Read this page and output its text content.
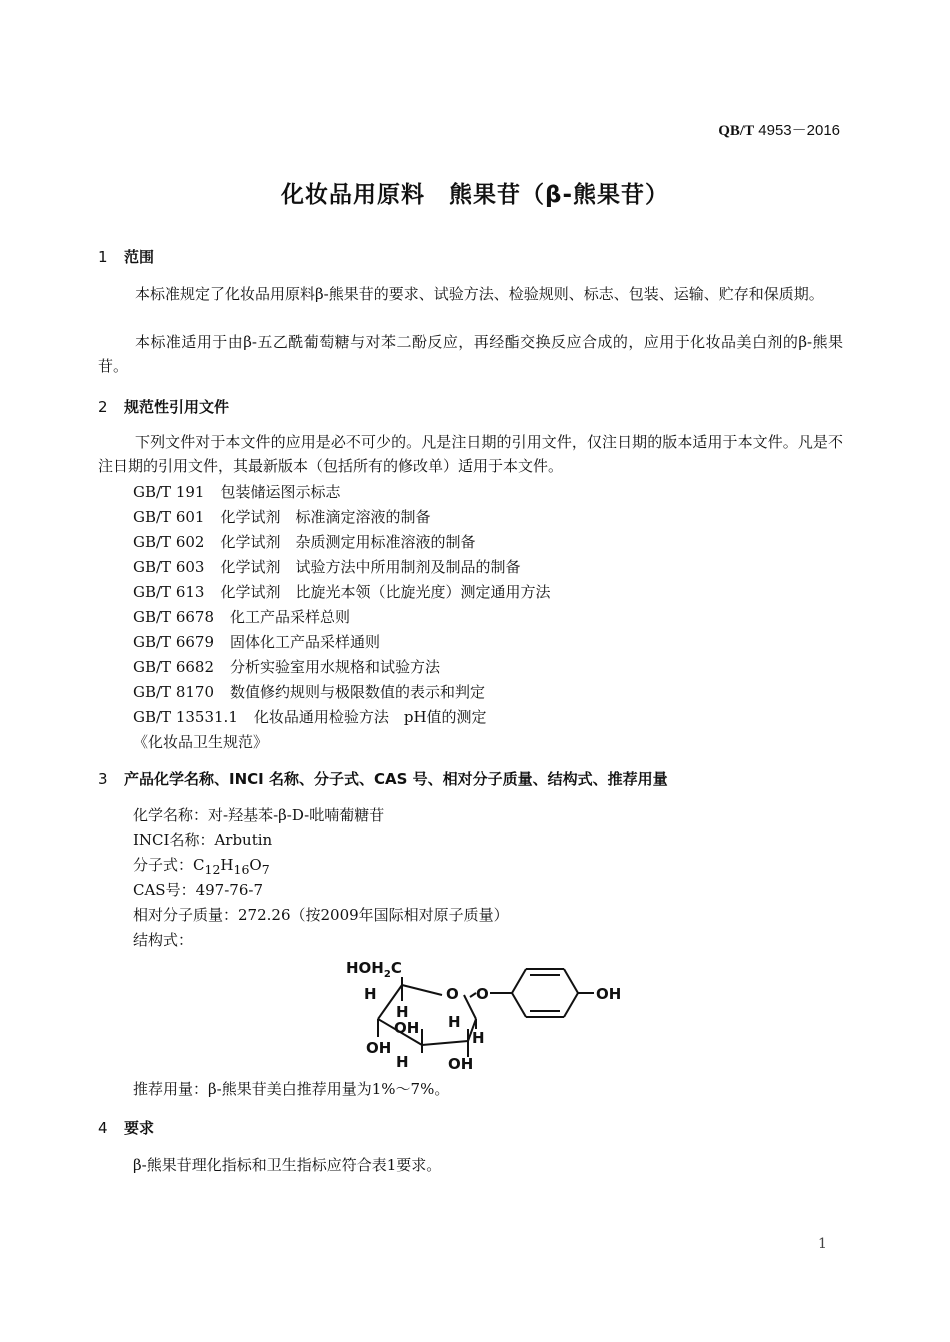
QB/T 4953－2016
化妆品用原料　熊果苷（β-熊果苷）
1 范围
本标准规定了化妆品用原料β-熊果苷的要求、试验方法、检验规则、标志、包装、运输、贮存和保质期。
本标准适用于由β-五乙酰葡萄糖与对苯二酚反应，再经酯交换反应合成的，应用于化妆品美白剂的β-熊果苷。
2 规范性引用文件
下列文件对于本文件的应用是必不可少的。凡是注日期的引用文件，仅注日期的版本适用于本文件。凡是不注日期的引用文件，其最新版本（包括所有的修改单）适用于本文件。
GB/T 191 包装储运图示标志
GB/T 601 化学试剂　标准滴定溶液的制备
GB/T 602 化学试剂　杂质测定用标准溶液的制备
GB/T 603 化学试剂　试验方法中所用制剂及制品的制备
GB/T 613 化学试剂　比旋光本领（比旋光度）测定通用方法
GB/T 6678 化工产品采样总则
GB/T 6679 固体化工产品采样通则
GB/T 6682 分析实验室用水规格和试验方法
GB/T 8170 数值修约规则与极限数值的表示和判定
GB/T 13531.1 化妆品通用检验方法　pH值的测定
《化妆品卫生规范》
3 产品化学名称、INCI 名称、分子式、CAS 号、相对分子质量、结构式、推荐用量
化学名称：对-羟基苯-β-D-吡喃葡糖苷
INCI名称：Arbutin
分子式：$C_{12}H_{16}O_7$
CAS号：497-76-7
相对分子质量：272.26（按2009年国际相对原子质量）
结构式：
$HOH_2C$
H	O O	OH
H
OH H
H
OH
H	OH
推荐用量：β-熊果苷美白推荐用量为1%～7%。
4 要求
β-熊果苷理化指标和卫生指标应符合表1要求。
1
